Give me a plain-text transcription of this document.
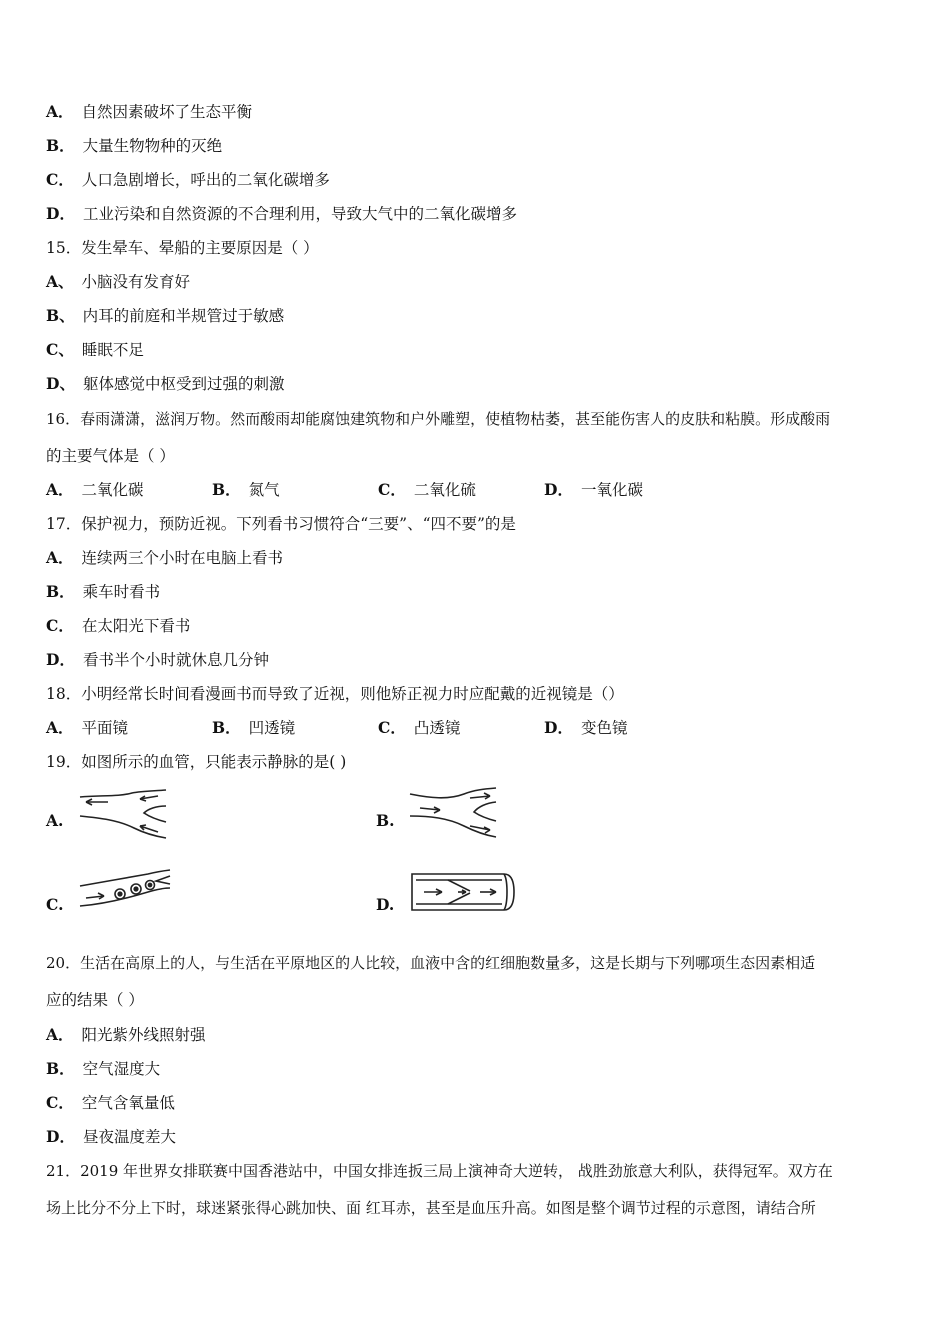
A． 自然因素破坏了生态平衡
B． 大量生物物种的灭绝
C． 人口急剧增长，呼出的二氧化碳增多
D． 工业污染和自然资源的不合理利用，导致大气中的二氧化碳增多
15．发生晕车、晕船的主要原因是（ ）
A、 小脑没有发育好
B、 内耳的前庭和半规管过于敏感
C、 睡眠不足
D、 躯体感觉中枢受到过强的刺激
16．春雨潇潇，滋润万物。然而酸雨却能腐蚀建筑物和户外雕塑，使植物枯萎，甚至能伤害人的皮肤和粘膜。形成酸雨
的主要气体是（ ）
A． 二氧化碳	B． 氮气	C． 二氧化硫	D． 一氧化碳
17．保护视力，预防近视。下列看书习惯符合“三要”、“四不要”的是
A． 连续两三个小时在电脑上看书
B． 乘车时看书
C． 在太阳光下看书
D． 看书半个小时就休息几分钟
18．小明经常长时间看漫画书而导致了近视，则他矫正视力时应配戴的近视镜是（）
A． 平面镜	B． 凹透镜	C． 凸透镜	D． 变色镜
19．如图所示的血管，只能表示静脉的是( )
A.	B.
C.	D.
20．生活在高原上的人，与生活在平原地区的人比较，血液中含的红细胞数量多，这是长期与下列哪项生态因素相适
应的结果（ ）
A． 阳光紫外线照射强
B． 空气湿度大
C． 空气含氧量低
D． 昼夜温度差大
21．2019 年世界女排联赛中国香港站中，中国女排连扳三局上演神奇大逆转， 战胜劲旅意大利队，获得冠军。双方在
场上比分不分上下时，球迷紧张得心跳加快、面 红耳赤，甚至是血压升高。如图是整个调节过程的示意图，请结合所
